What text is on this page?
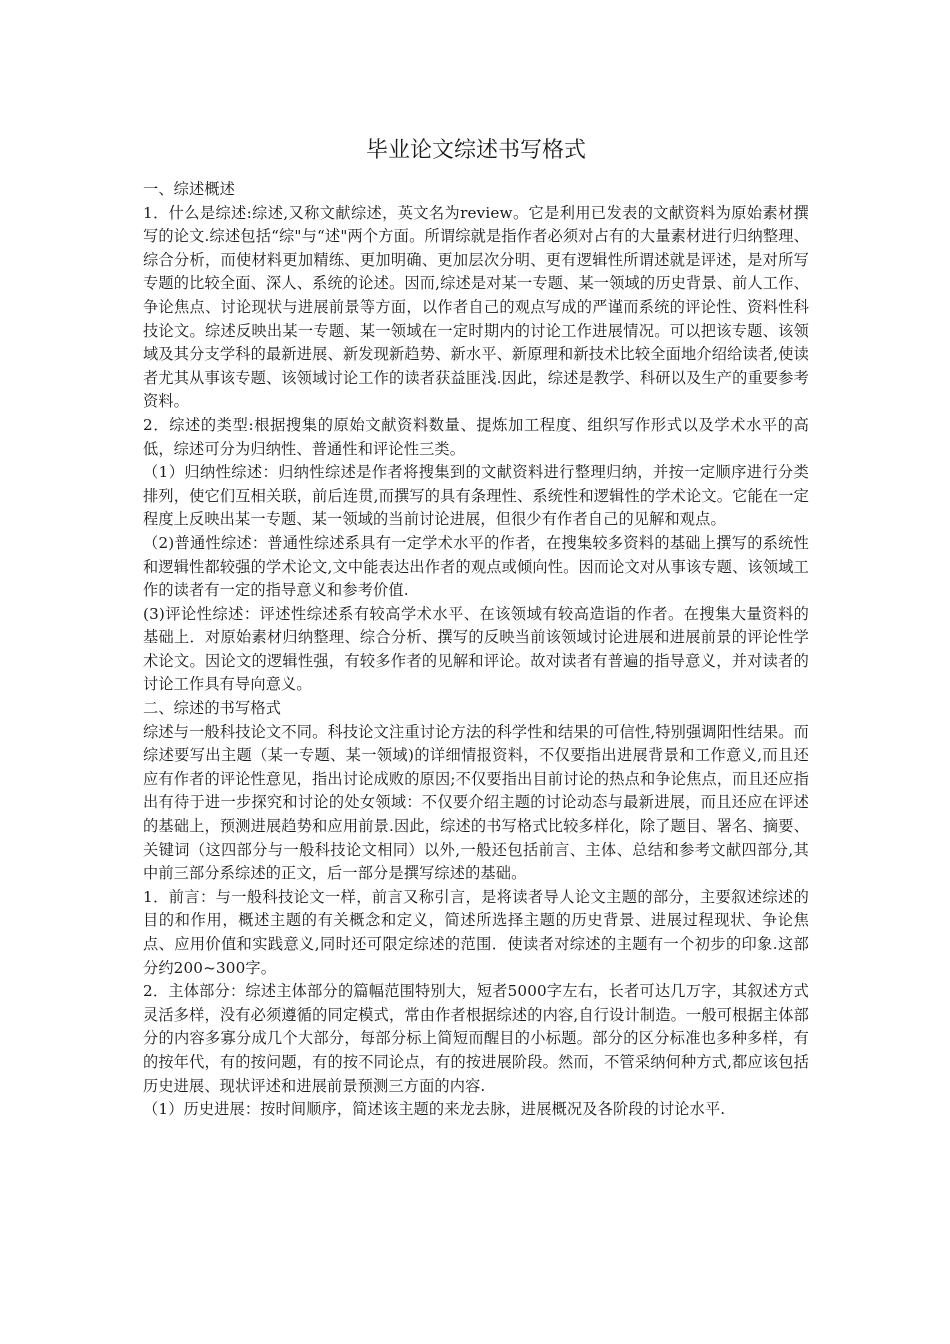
毕业论文综述书写格式

一、综述概述

1．什么是综述:综述,又称文献综述，英文名为review。它是利用已发表的文献资料为原始素材撰写的论文.综述包括“综"与“述"两个方面。所谓综就是指作者必须对占有的大量素材进行归纳整理、综合分析，而使材料更加精练、更加明确、更加层次分明、更有逻辑性所谓述就是评述，是对所写专题的比较全面、深人、系统的论述。因而,综述是对某一专题、某一领域的历史背景、前人工作、争论焦点、讨论现状与进展前景等方面，以作者自己的观点写成的严谨而系统的评论性、资料性科技论文。综述反映出某一专题、某一领域在一定时期内的讨论工作进展情况。可以把该专题、该领域及其分支学科的最新进展、新发现新趋势、新水平、新原理和新技术比较全面地介绍给读者,使读者尤其从事该专题、该领域讨论工作的读者获益匪浅.因此，综述是教学、科研以及生产的重要参考资料。

2．综述的类型:根据搜集的原始文献资料数量、提炼加工程度、组织写作形式以及学术水平的高低，综述可分为归纳性、普通性和评论性三类。

（1）归纳性综述：归纳性综述是作者将搜集到的文献资料进行整理归纳，并按一定顺序进行分类排列，使它们互相关联，前后连贯,而撰写的具有条理性、系统性和逻辑性的学术论文。它能在一定程度上反映出某一专题、某一领域的当前讨论进展，但很少有作者自己的见解和观点。

（2)普通性综述：普通性综述系具有一定学术水平的作者，在搜集较多资料的基础上撰写的系统性和逻辑性都较强的学术论文,文中能表达出作者的观点或倾向性。因而论文对从事该专题、该领域工作的读者有一定的指导意义和参考价值.

(3)评论性综述：评述性综述系有较高学术水平、在该领域有较高造诣的作者。在搜集大量资料的基础上．对原始素材归纳整理、综合分析、撰写的反映当前该领域讨论进展和进展前景的评论性学术论文。因论文的逻辑性强，有较多作者的见解和评论。故对读者有普遍的指导意义，并对读者的讨论工作具有导向意义。

二、综述的书写格式

综述与一般科技论文不同。科技论文注重讨论方法的科学性和结果的可信性,特别强调阳性结果。而综述要写出主题（某一专题、某一领域)的详细情报资料，不仅要指出进展背景和工作意义,而且还应有作者的评论性意见，指出讨论成败的原因;不仅要指出目前讨论的热点和争论焦点，而且还应指出有待于进一步探究和讨论的处女领域：不仅要介绍主题的讨论动态与最新进展，而且还应在评述的基础上，预测进展趋势和应用前景.因此，综述的书写格式比较多样化，除了题目、署名、摘要、关键词（这四部分与一般科技论文相同）以外,一般还包括前言、主体、总结和参考文献四部分,其中前三部分系综述的正文，后一部分是撰写综述的基础。

1．前言：与一般科技论文一样，前言又称引言，是将读者导人论文主题的部分，主要叙述综述的目的和作用，概述主题的有关概念和定义，简述所选择主题的历史背景、进展过程现状、争论焦点、应用价值和实践意义,同时还可限定综述的范围．使读者对综述的主题有一个初步的印象.这部分约200~300字。

2．主体部分：综述主体部分的篇幅范围特别大，短者5000字左右，长者可达几万字，其叙述方式灵活多样，没有必须遵循的同定模式，常由作者根据综述的内容,自行设计制造。一般可根据主体部分的内容多寡分成几个大部分，每部分标上简短而醒目的小标题。部分的区分标准也多种多样，有的按年代，有的按问题，有的按不同论点，有的按进展阶段。然而，不管采纳何种方式,都应该包括历史进展、现状评述和进展前景预测三方面的内容.

（1）历史进展：按时间顺序，简述该主题的来龙去脉，进展概况及各阶段的讨论水平.
